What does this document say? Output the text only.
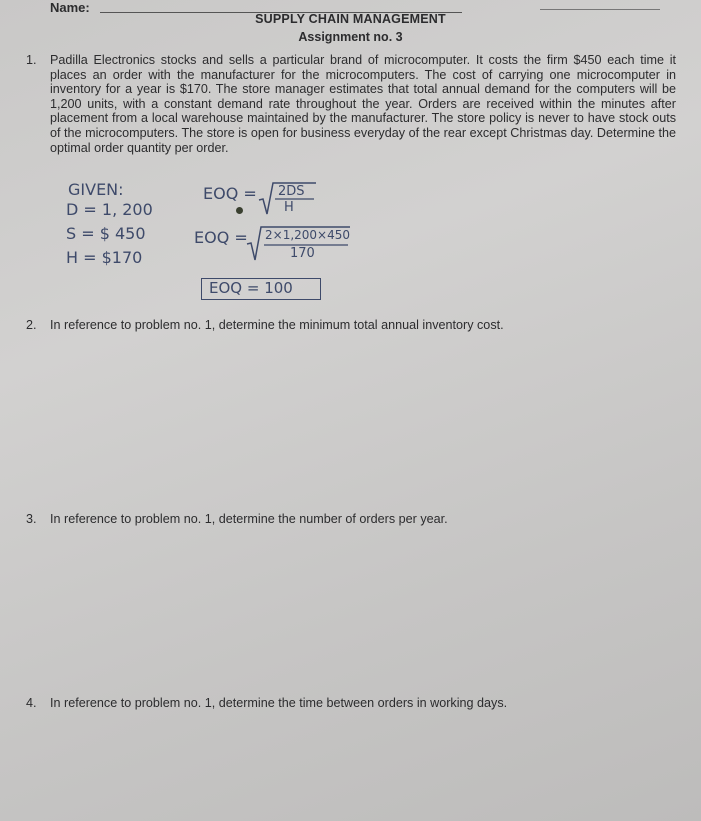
Name:
SUPPLY CHAIN MANAGEMENT
Assignment no. 3
1. Padilla Electronics stocks and sells a particular brand of microcomputer. It costs the firm $450 each time it places an order with the manufacturer for the microcomputers. The cost of carrying one microcomputer in inventory for a year is $170. The store manager estimates that total annual demand for the computers will be 1,200 units, with a constant demand rate throughout the year. Orders are received within the minutes after placement from a local warehouse maintained by the manufacturer. The store policy is never to have stock outs of the microcomputers. The store is open for business everyday of the rear except Christmas day. Determine the optimal order quantity per order.
GIVEN:
D = 1, 200
S = $ 450
H = $170
EOQ = 2DS
H
EOQ = 2×1,200×450
170
EOQ = 100
2. In reference to problem no. 1, determine the minimum total annual inventory cost.
3. In reference to problem no. 1, determine the number of orders per year.
4. In reference to problem no. 1, determine the time between orders in working days.
